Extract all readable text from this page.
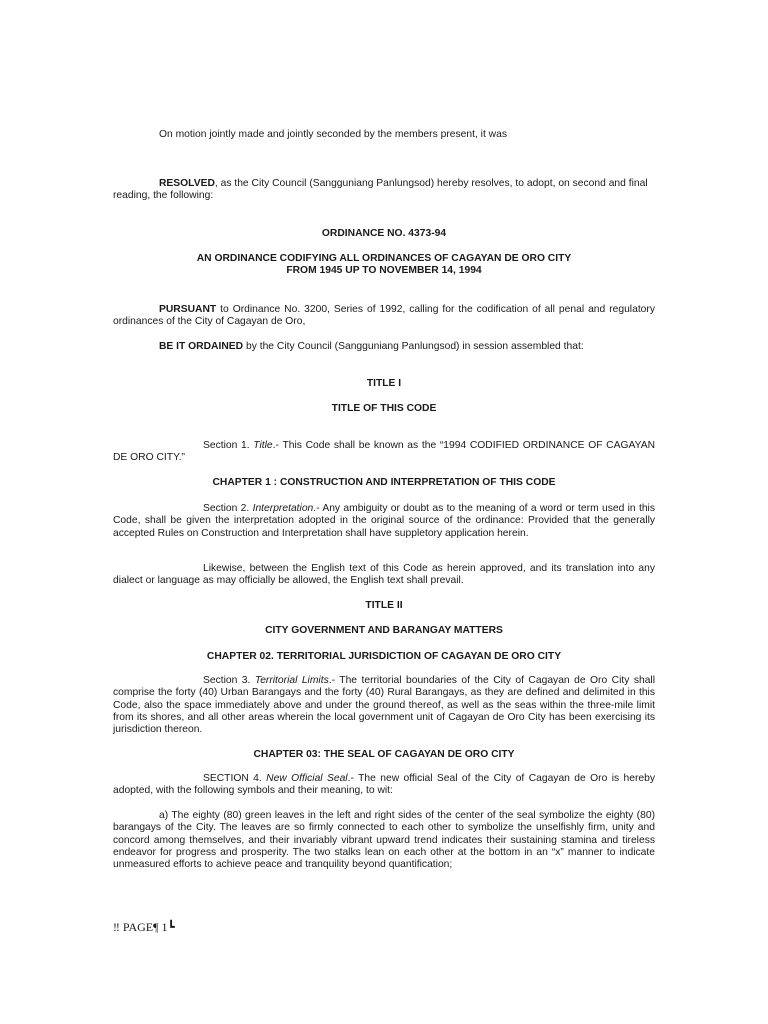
On motion jointly made and jointly seconded by the members present, it was

RESOLVED, as the City Council (Sangguniang Panlungsod) hereby resolves, to adopt, on second and final reading, the following:

ORDINANCE NO. 4373-94

AN ORDINANCE CODIFYING ALL ORDINANCES OF CAGAYAN DE ORO CITY
FROM 1945 UP TO NOVEMBER 14, 1994

PURSUANT to Ordinance No. 3200, Series of 1992, calling for the codification of all penal and regulatory ordinances of the City of Cagayan de Oro,

BE IT ORDAINED by the City Council (Sangguniang Panlungsod) in session assembled that:

TITLE I

TITLE OF THIS CODE

Section 1. Title.- This Code shall be known as the “1994 CODIFIED ORDINANCE OF CAGAYAN DE ORO CITY.”

CHAPTER 1 : CONSTRUCTION AND INTERPRETATION OF THIS CODE

Section 2. Interpretation.- Any ambiguity or doubt as to the meaning of a word or term used in this Code, shall be given the interpretation adopted in the original source of the ordinance: Provided that the generally accepted Rules on Construction and Interpretation shall have suppletory application herein.

Likewise, between the English text of this Code as herein approved, and its translation into any dialect or language as may officially be allowed, the English text shall prevail.

TITLE II

CITY GOVERNMENT AND BARANGAY MATTERS

CHAPTER 02. TERRITORIAL JURISDICTION OF CAGAYAN DE ORO CITY

Section 3. Territorial Limits.- The territorial boundaries of the City of Cagayan de Oro City shall comprise the forty (40) Urban Barangays and the forty (40) Rural Barangays, as they are defined and delimited in this Code, also the space immediately above and under the ground thereof, as well as the seas within the three-mile limit from its shores, and all other areas wherein the local government unit of Cagayan de Oro City has been exercising its jurisdiction thereon.

CHAPTER 03: THE SEAL OF CAGAYAN DE ORO CITY

SECTION 4. New Official Seal.- The new official Seal of the City of Cagayan de Oro is hereby adopted, with the following symbols and their meaning, to wit:

a) The eighty (80) green leaves in the left and right sides of the center of the seal symbolize the eighty (80) barangays of the City. The leaves are so firmly connected to each other to symbolize the unselfishly firm, unity and concord among themselves, and their invariably vibrant upward trend indicates their sustaining stamina and tireless endeavor for progress and prosperity. The two stalks lean on each other at the bottom in an “x” manner to indicate unmeasured efforts to achieve peace and tranquility beyond quantification;

‼ PAGE¶ 1┗
